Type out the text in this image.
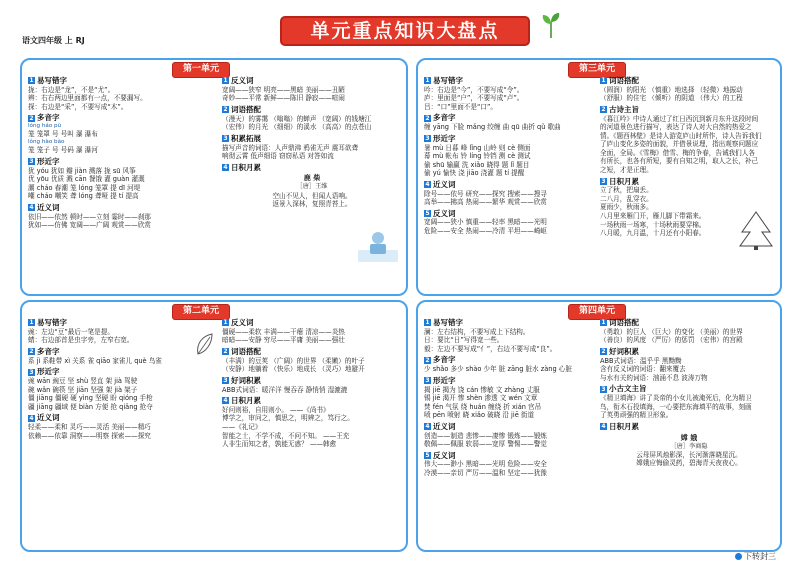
语文四年级 上 RJ	单元重点知识大盘点
第一单元
1 易写错字
拢：右边是“龙”，不是“尤”。
辨：右右两边里面都有一点，不要漏写。
探：右边是“采”，不要写成“木”。
2 多音字
lóng háo pù
笼 笼罩 号 号叫 瀑 瀑布
lǒng hào bào
笼 笼子 号 号码 瀑 瀑河
3 形近字
犹 yóu 犹如 瓣 jiàn 溅落 拢 sū 风筝
优 yōu 优质 溅 cān 餐饿 灌 guàn 灌溉
潮 cháo 春潮 笼 lóng 笼罩 提 dī 河堤
嘲 cháo 嘲笑 聋 lóng 聋哑 提 tí 提高
4 近义词
依旧——依然 顿时——立刻 霎时——刹那
犹如——仿佛 宽阔——广阔 观赏——欣赏
1 反义词
宽阔——狭窄 明亮——黑暗 美丽——丑陋
奇妙——平常 新鲜——陈旧 静寂——喧闹
2 词语搭配
（漫天）的雾霭 （嗡嗡）的蝉声 （宽阔）的钱塘江
（宏伟）的月光 （细细）的溪水 （高高）的点苍山
3 积累拓展
描写声音的词语：人声鼎沸 鸦雀无声 震耳欲聋
响彻云霄 低声细语 窃窃私语 对答如流
4 日积月累
鹿 柴
［唐］王维
空山不见人，但闻人语响。
返景入深林，复照青苔上。
第二单元
1 易写错字
豌：左边“豆”最后一笔是提。
蜻：右边部首是虫字旁，左窄右宽。
2 多音字
系 jì 系鞋带 xì 关系 雀 qiāo 家雀儿 què 鸟雀
3 形近字
豌 wān 豌豆 坚 shù 竖直 架 jià 驾驶
碗 wǎn 碗筷 坚 jiān 坚强 架 jià 架子
僵 jiāng 僵硬 硬 yìng 坚硬 盼 qióng 手枪
疆 jiāng 疆域 便 biàn 方便 抢 qiǎng 抢夺
4 近义词
轻柔——柔和 灵巧——灵活 美丽——精巧
依赖——依靠 洞察——明察 探索——探究
1 反义词
僵硬——柔软 丰满——干瘪 清凉——炎热
暗暗——安静 穷尽——平庸 美丽——强壮
2 词语搭配
（丰满）的豆荚 （广阔）的世界 （柔嫩）的叶子
（安静）地躺着 （快乐）地成长 （灵巧）地避开
3 好词积累
ABB式词语：暖洋洋 慢吞吞 静悄悄 湿漉漉
4 日积月累
好问则裕，自用则小。 ——《尚书》
博学之，审问之，慎思之，明辨之，笃行之。
——《礼记》
智能之士，不学不成，不问不知。 ——王充
人非生而知之者，孰能无惑？ ——韩愈
第三单元
1 易写错字
吟：右边是“今”，不要写成“令”。
庐：里面是“户”，不要写成“卢”。
吕：“口”里面不是“口”。
2 多音字
缠 yāng 下脸 mǎng 绞缠 曲 qū 曲折 qǔ 歌曲
3 形近字
暑 mù 日暮 峰 lǐng 山岭 则 cè 侧面
幕 mù 帐布 铃 líng 铃铛 测 cè 测试
偷 shū 输赢 洗 xiǎo 晓得 题 lǐ 题目
偷 yú 愉快 浇 jiāo 浇灌 题 tí 提醒
4 近义词
除号——依号 研究——探究 搜索——搜寻
高举——拂高 热闹——繁华 观赏——欣赏
5 反义词
宽阔——狭小 慎重——轻率 黑暗——光明
危险——安全 热闹——冷清 平坦——崎岖
1 词语搭配
（圆润）的阳光 （慎重）地选择 （轻微）地振动
（舒服）的住宅 （倾听）的阴道 （伟大）的工程
2 古诗主旨
《暮江吟》中诗人通过了红日西沉到新月东升这段时间
的河道景色进行描写，表达了诗人对大自然的热爱之
情。《题西林壁》是诗人游览庐山时所作，诗人告诉我们
了庐山变化多姿的面貌，并借景说理，指出观察问题应
全面，全局。《雪梅》借雪、梅的争春，告诫我们人各
有所长，也各有所短，要有自知之明，取人之长，补己
之短，才是正理。
3 日积月累
立了秋，把扇丢。
二八月，乱穿衣。
夏雨少，秋雨多。
八月里来雁门开，雁儿脚下带霜来。
一场秋雨一场寒，十场秋雨要穿棉。
八月暖，九月温，十月还有小阳春。
第四单元
1 易写错字
澜：左右结构，不要写成上下结构。
日：要比“日”写得宽一些。
毅：左边不要写成“亻”，右边不要写成“良”。
2 多音字
少 shǎo 多少 shào 少年 脏 zāng 脏水 zàng 心脏
3 形近字
揭 jiē 揭为 饶 cán 惨敏 文 zhàng 丈服
锡 jiē 渴开 惨 shèn 渗透 文 wén 文章
焚 fén 气氛 绕 huán 缠绕 折 xián 官吊
喷 pēn 喷射 晓 xiǎo 破晓 沿 jiē 街道
4 近义词
创造——制造 悲惨——凄惨 锻炼——锻炼
敬佩——佩服 软弱——宽厚 警惕——警觉
5 反义词
伟大——渺小 黑暗——光明 危险——安全
冷漠——亲切 严厉——温和 坚定——犹豫
1 词语搭配
（勇敢）的巨人 （巨大）的变化 （美丽）的世界
（善良）的风度 （严厉）的惩罚 （宏伟）的宫殿
2 好词积累
ABB式词语：温乎乎 黑黝黝
含有反义词的词语：翻来覆去
与水有关的词语：汹涌不息 波涛万物
3 小古文主旨
《精卫填海》讲了炎帝的小女儿被淹死后，化为精卫
鸟，衔木石投填海，一心要把东海填平的故事，刻画
了英勇顽强的精卫形象。
4 日积月累
嫦 娥
［唐］李商隐
云母屏风烛影深，长河渐落晓星沉。
嫦娥应悔偷灵药，碧海青天夜夜心。
下转封三
